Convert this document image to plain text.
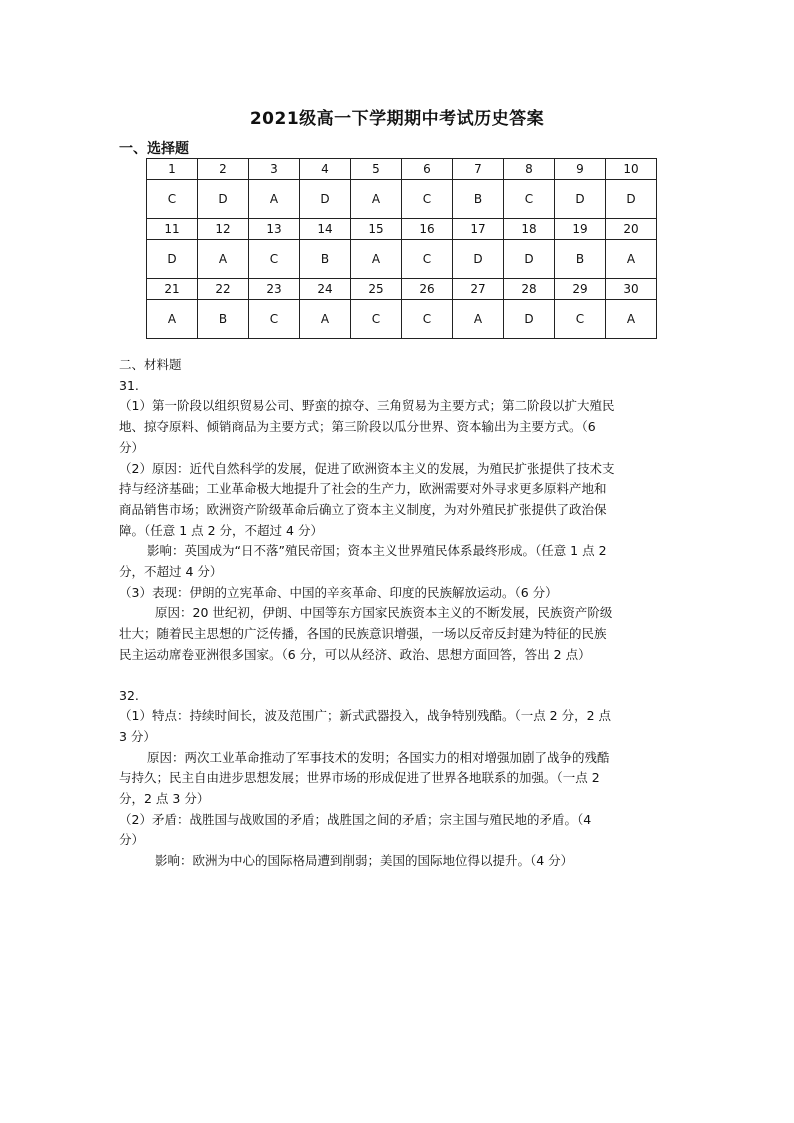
2021级高一下学期期中考试历史答案
一、选择题
1	2	3	4	5	6	7	8	9	10
C	D	A	D	A	C	B	C	D	D
11	12	13	14	15	16	17	18	19	20
D	A	C	B	A	C	D	D	B	A
21	22	23	24	25	26	27	28	29	30
A	B	C	A	C	C	A	D	C	A

二、材料题

31.

（1）第一阶段以组织贸易公司、野蛮的掠夺、三角贸易为主要方式；第二阶段以扩大殖民

地、掠夺原料、倾销商品为主要方式；第三阶段以瓜分世界、资本输出为主要方式。（6

分）

（2）原因：近代自然科学的发展，促进了欧洲资本主义的发展，为殖民扩张提供了技术支

持与经济基础；工业革命极大地提升了社会的生产力，欧洲需要对外寻求更多原料产地和

商品销售市场；欧洲资产阶级革命后确立了资本主义制度，为对外殖民扩张提供了政治保

障。（任意 1 点 2 分，不超过 4 分）

影响：英国成为“日不落”殖民帝国；资本主义世界殖民体系最终形成。（任意 1 点 2

分，不超过 4 分）

（3）表现：伊朗的立宪革命、中国的辛亥革命、印度的民族解放运动。（6 分）

原因：20 世纪初，伊朗、中国等东方国家民族资本主义的不断发展，民族资产阶级

壮大；随着民主思想的广泛传播，各国的民族意识增强，一场以反帝反封建为特征的民族

民主运动席卷亚洲很多国家。（6 分，可以从经济、政治、思想方面回答，答出 2 点）

32.

（1）特点：持续时间长，波及范围广；新式武器投入，战争特别残酷。（一点 2 分，2 点

3 分）

原因：两次工业革命推动了军事技术的发明；各国实力的相对增强加剧了战争的残酷

与持久；民主自由进步思想发展；世界市场的形成促进了世界各地联系的加强。（一点 2

分，2 点 3 分）

（2）矛盾：战胜国与战败国的矛盾；战胜国之间的矛盾；宗主国与殖民地的矛盾。（4

分）

影响：欧洲为中心的国际格局遭到削弱；美国的国际地位得以提升。（4 分）
